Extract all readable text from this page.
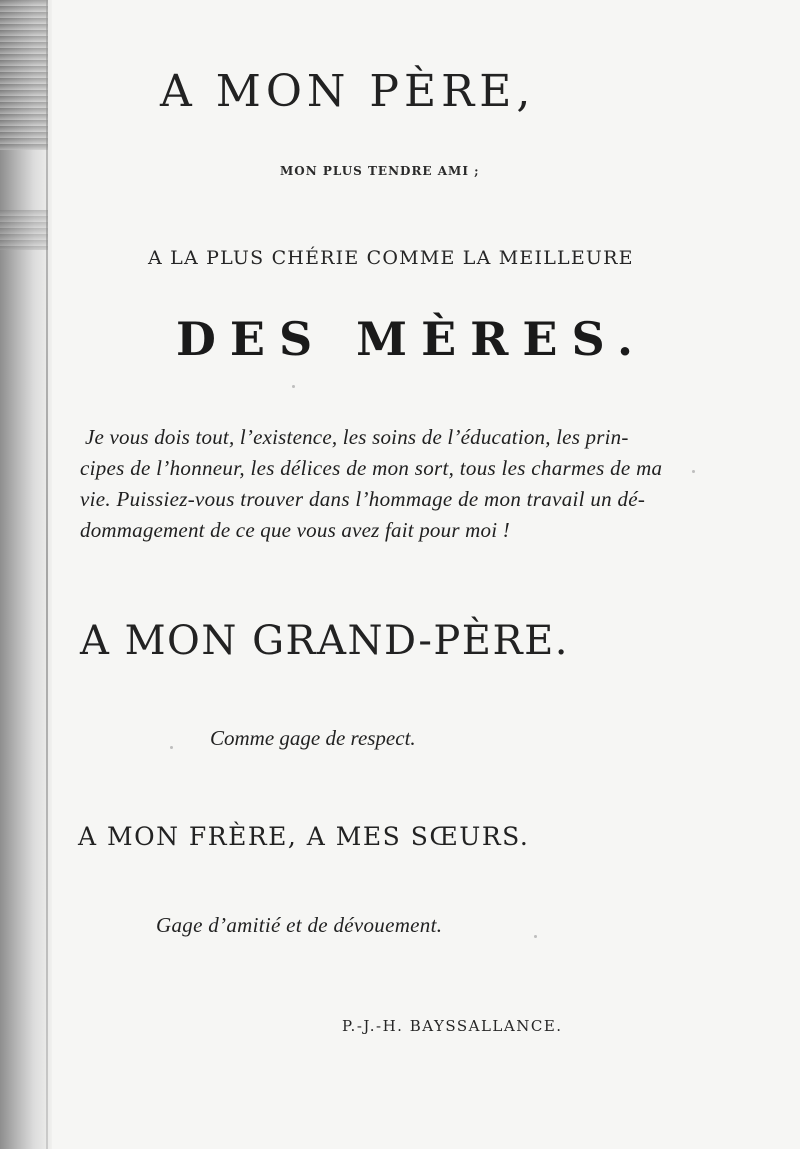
A MON PÈRE,
MON PLUS TENDRE AMI ;
A LA PLUS CHÉRIE COMME LA MEILLEURE
DES MÈRES.
Je vous dois tout, l’existence, les soins de l’éducation, les prin-
cipes de l’honneur, les délices de mon sort, tous les charmes de ma
vie. Puissiez-vous trouver dans l’hommage de mon travail un dé-
dommagement de ce que vous avez fait pour moi !
A MON GRAND-PÈRE.
Comme gage de respect.
A MON FRÈRE, A MES SŒURS.
Gage d’amitié et de dévouement.
P.-J.-H. BAYSSALLANCE.
